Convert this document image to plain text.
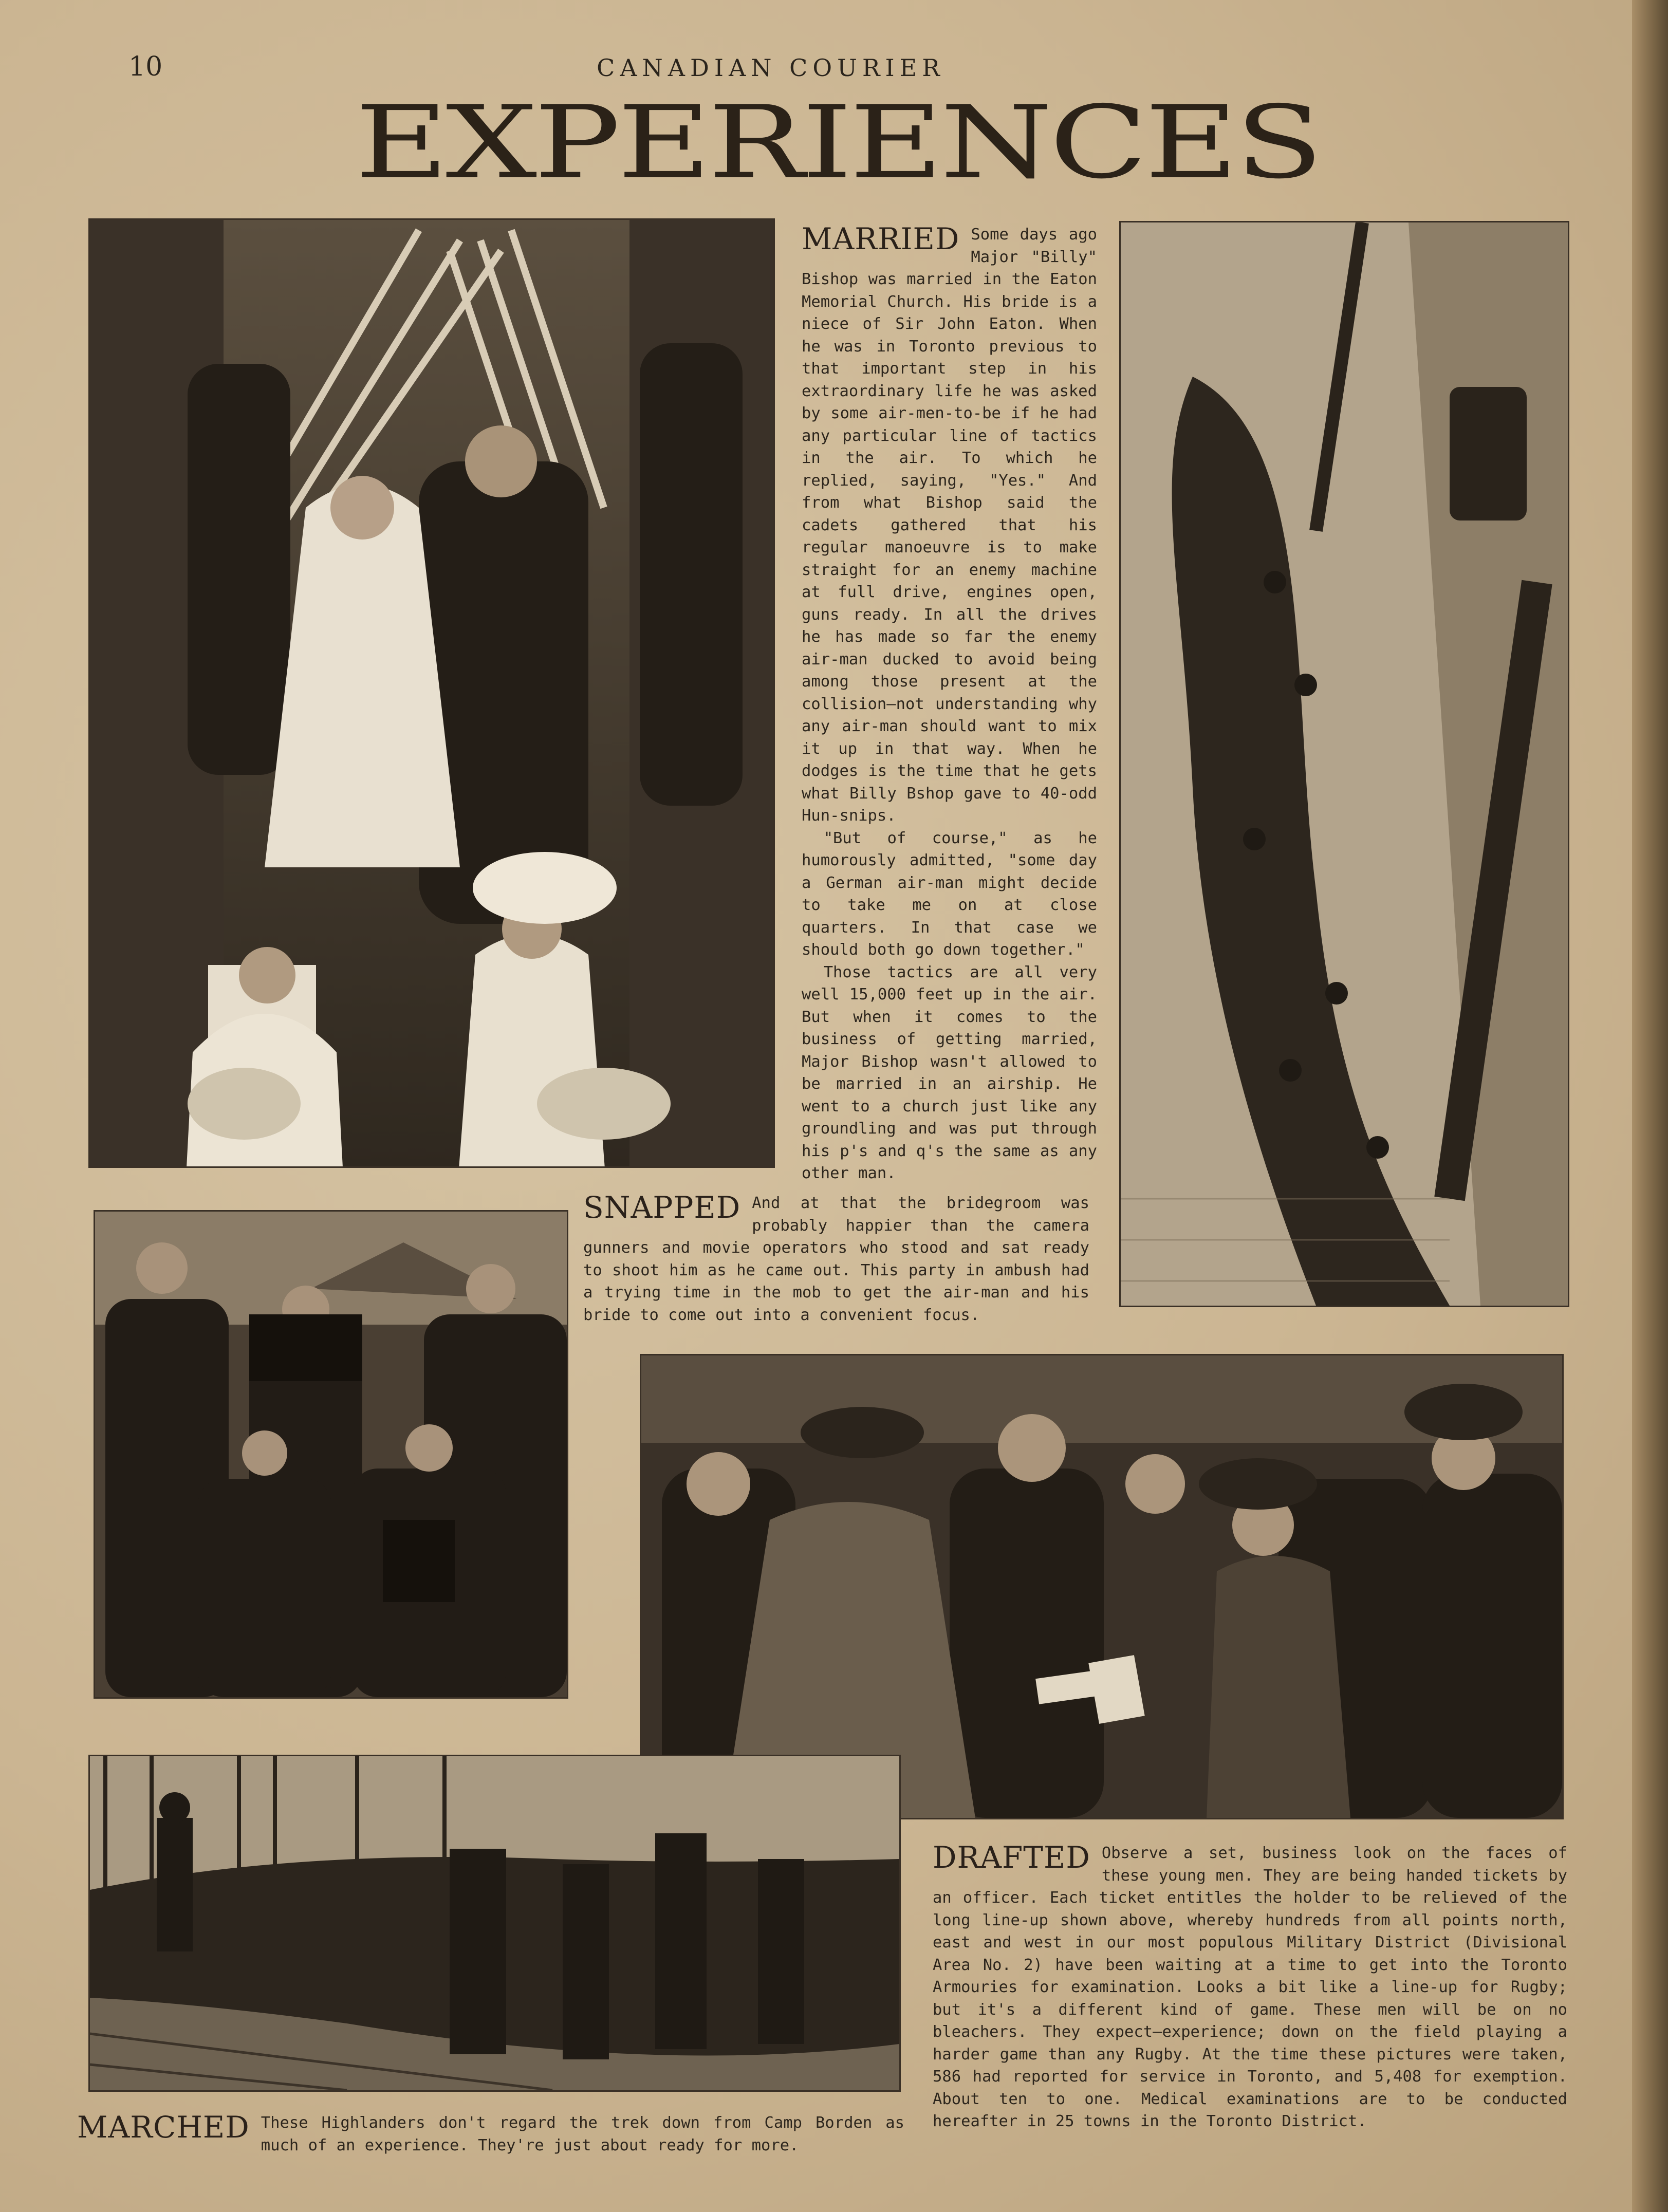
10	CANADIAN COURIER
EXPERIENCES
MARRIED Some days ago Major "Billy" Bishop was married in the Eaton Memorial Church. His bride is a niece of Sir John Eaton. When he was in Toronto previous to that important step in his extraordinary life he was asked by some air-men-to-be if he had any particular line of tactics in the air. To which he replied, saying, "Yes." And from what Bishop said the cadets gathered that his regular manoeuvre is to make straight for an enemy machine at full drive, engines open, guns ready. In all the drives he has made so far the enemy air-man ducked to avoid being among those present at the collision—not understanding why any air-man should want to mix it up in that way. When he dodges is the time that he gets what Billy Bshop gave to 40-odd Hun-snips.

"But of course," as he humorously admitted, "some day a German air-man might decide to take me on at close quarters. In that case we should both go down together."

Those tactics are all very well 15,000 feet up in the air. But when it comes to the business of getting married, Major Bishop wasn't allowed to be married in an airship. He went to a church just like any groundling and was put through his p's and q's the same as any other man.

SNAPPED And at that the bridegroom was probably happier than the camera gunners and movie operators who stood and sat ready to shoot him as he came out. This party in ambush had a trying time in the mob to get the air-man and his bride to come out into a convenient focus.

DRAFTED Observe a set, business look on the faces of these young men. They are being handed tickets by an officer. Each ticket entitles the holder to be relieved of the long line-up shown above, whereby hundreds from all points north, east and west in our most populous Military District (Divisional Area No. 2) have been waiting at a time to get into the Toronto Armouries for examination. Looks a bit like a line-up for Rugby; but it's a different kind of game. These men will be on no bleachers. They expect—experience; down on the field playing a harder game than any Rugby. At the time these pictures were taken, 586 had reported for service in Toronto, and 5,408 for exemption. About ten to one. Medical examinations are to be conducted hereafter in 25 towns in the Toronto District.

MARCHED These Highlanders don't regard the trek down from Camp Borden as much of an experience. They're just about ready for more.
